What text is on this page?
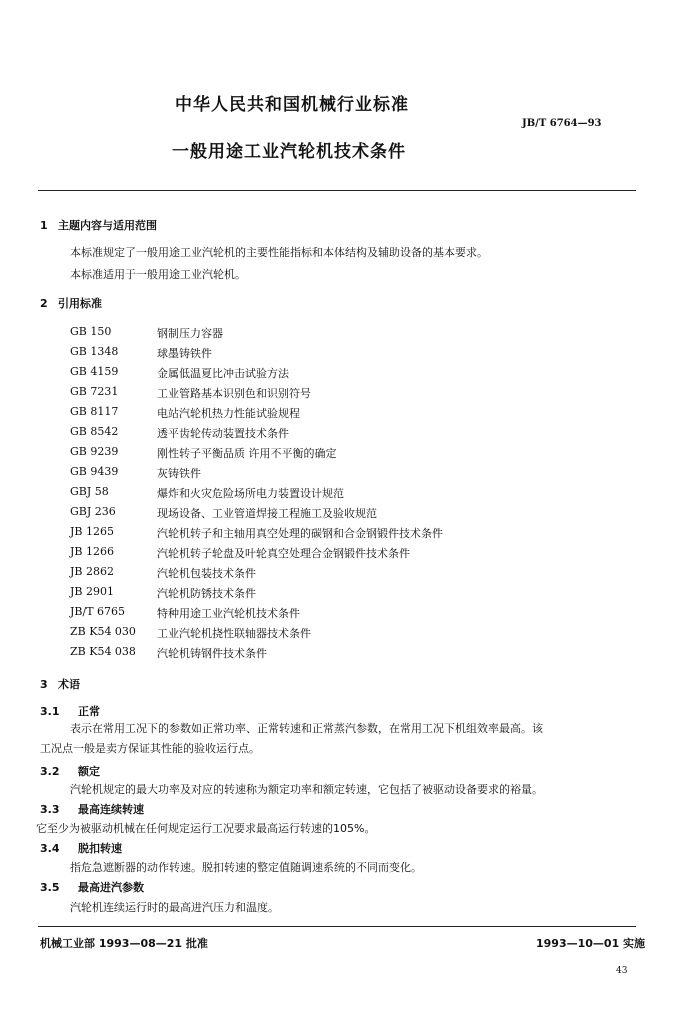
中华人民共和国机械行业标准
JB/T 6764—93
一般用途工业汽轮机技术条件
1 主题内容与适用范围
本标准规定了一般用途工业汽轮机的主要性能指标和本体结构及辅助设备的基本要求。
本标准适用于一般用途工业汽轮机。
2 引用标准
GB 150	钢制压力容器
GB 1348	球墨铸铁件
GB 4159	金属低温夏比冲击试验方法
GB 7231	工业管路基本识别色和识别符号
GB 8117	电站汽轮机热力性能试验规程
GB 8542	透平齿轮传动装置技术条件
GB 9239	刚性转子平衡品质 许用不平衡的确定
GB 9439	灰铸铁件
GBJ 58	爆炸和火灾危险场所电力装置设计规范
GBJ 236	现场设备、工业管道焊接工程施工及验收规范
JB 1265	汽轮机转子和主轴用真空处理的碳钢和合金钢锻件技术条件
JB 1266	汽轮机转子轮盘及叶轮真空处理合金钢锻件技术条件
JB 2862	汽轮机包装技术条件
JB 2901	汽轮机防锈技术条件
JB/T 6765	特种用途工业汽轮机技术条件
ZB K54 030 工业汽轮机挠性联轴器技术条件
ZB K54 038 汽轮机铸钢件技术条件
3 术语
3.1 正常
表示在常用工况下的参数如正常功率、正常转速和正常蒸汽参数，在常用工况下机组效率最高。该
工况点一般是卖方保证其性能的验收运行点。
3.2 额定
汽轮机规定的最大功率及对应的转速称为额定功率和额定转速，它包括了被驱动设备要求的裕量。
3.3 最高连续转速
它至少为被驱动机械在任何规定运行工况要求最高运行转速的105%。
3.4 脱扣转速
指危急遮断器的动作转速。脱扣转速的整定值随调速系统的不同而变化。
3.5 最高进汽参数
汽轮机连续运行时的最高进汽压力和温度。
机械工业部 1993—08—21 批准	1993—10—01 实施
43
